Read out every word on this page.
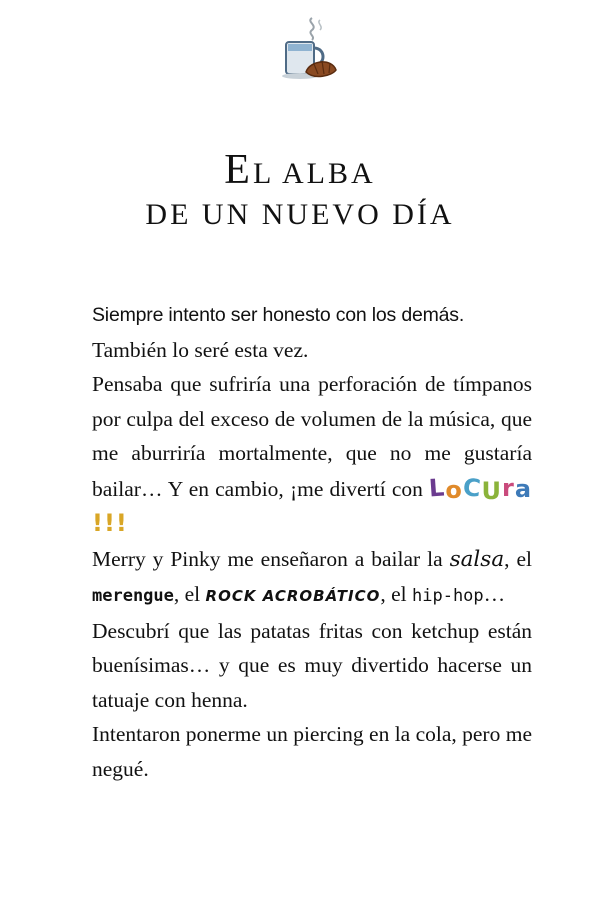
EL ALBA
DE UN NUEVO DÍA

Siempre intento ser honesto con los demás.

También lo seré esta vez.

Pensaba que sufriría una perforación de tímpanos por culpa del exceso de volumen de la música, que me aburriría mortalmente, que no me gustaría bailar… Y en cambio, ¡me divertí con LoCUra!!!

Merry y Pinky me enseñaron a bailar la salsa, el merengue, el ROCK ACROBÁTICO, el hip-hop…

Descubrí que las patatas fritas con ketchup están buenísimas… y que es muy divertido hacerse un tatuaje con henna.

Intentaron ponerme un piercing en la cola, pero me negué.
